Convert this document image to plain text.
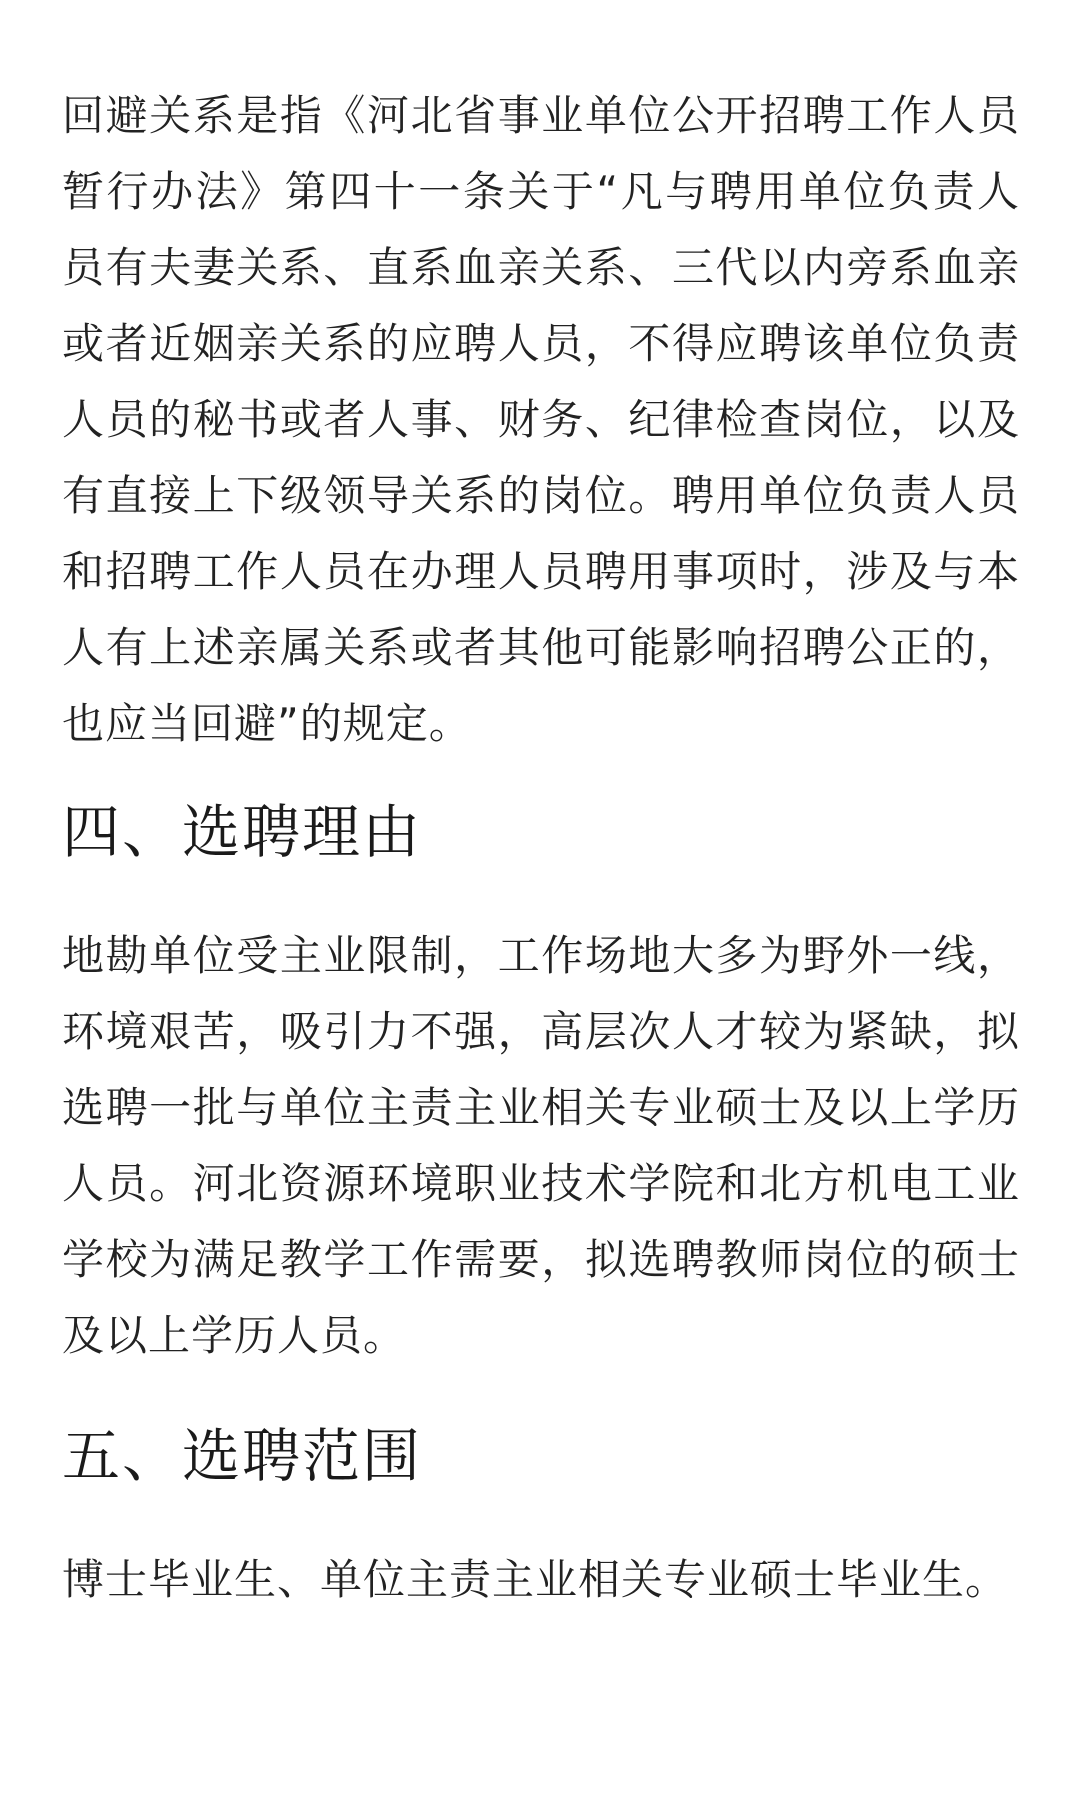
回避关系是指《河北省事业单位公开招聘工作人员暂行办法》第四十一条关于“凡与聘用单位负责人员有夫妻关系、直系血亲关系、三代以内旁系血亲或者近姻亲关系的应聘人员，不得应聘该单位负责人员的秘书或者人事、财务、纪律检查岗位，以及有直接上下级领导关系的岗位。聘用单位负责人员和招聘工作人员在办理人员聘用事项时，涉及与本人有上述亲属关系或者其他可能影响招聘公正的，也应当回避”的规定。

四、选聘理由

地勘单位受主业限制，工作场地大多为野外一线，环境艰苦，吸引力不强，高层次人才较为紧缺，拟选聘一批与单位主责主业相关专业硕士及以上学历人员。河北资源环境职业技术学院和北方机电工业学校为满足教学工作需要，拟选聘教师岗位的硕士及以上学历人员。

五、选聘范围

博士毕业生、单位主责主业相关专业硕士毕业生。
